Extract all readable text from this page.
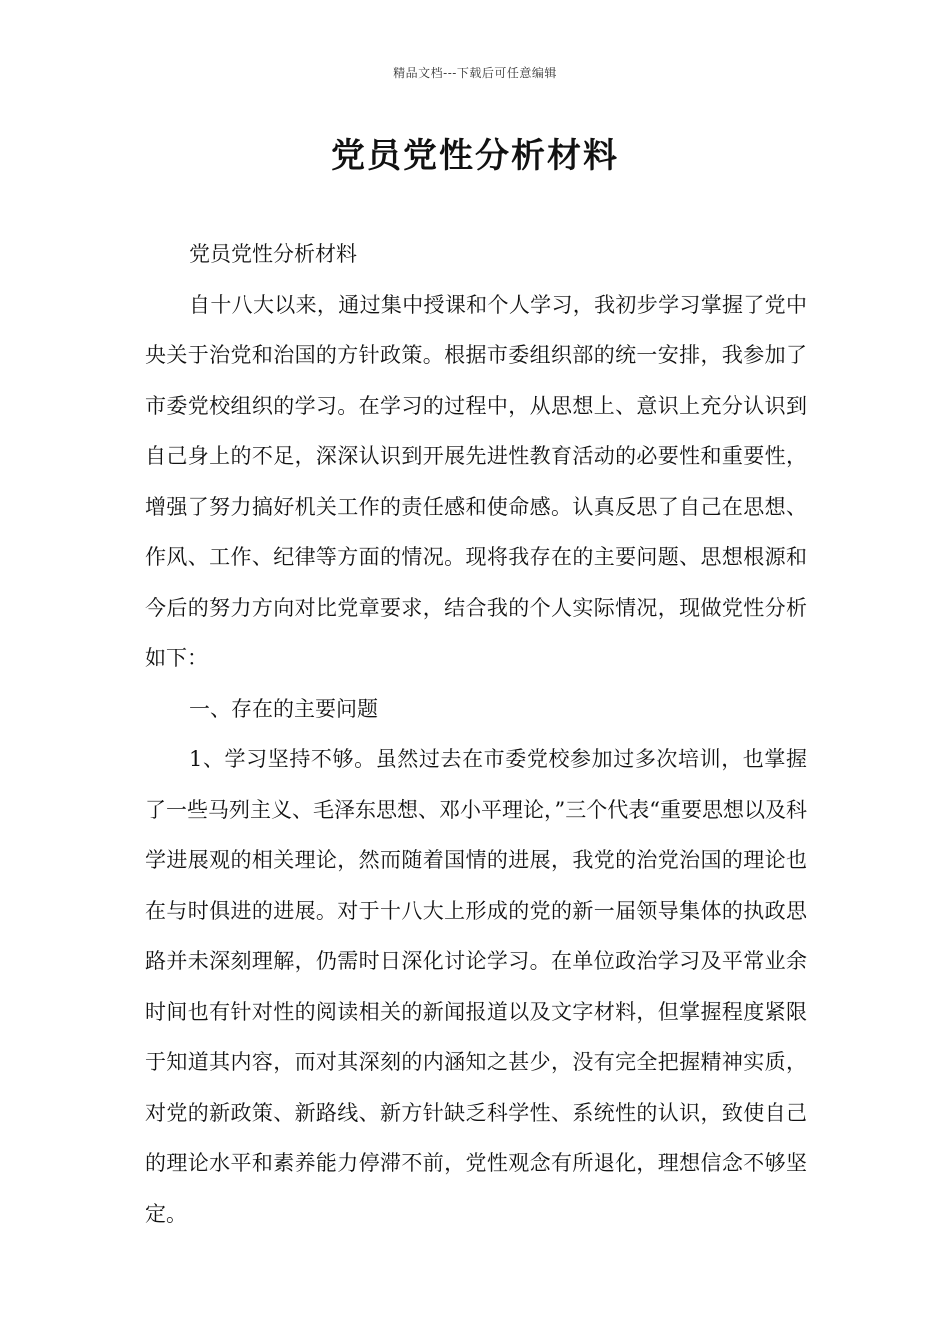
精品文档---下载后可任意编辑
党员党性分析材料

党员党性分析材料

自十八大以来，通过集中授课和个人学习，我初步学习掌握了党中央关于治党和治国的方针政策。根据市委组织部的统一安排，我参加了市委党校组织的学习。在学习的过程中，从思想上、意识上充分认识到自己身上的不足，深深认识到开展先进性教育活动的必要性和重要性，增强了努力搞好机关工作的责任感和使命感。认真反思了自己在思想、作风、工作、纪律等方面的情况。现将我存在的主要问题、思想根源和今后的努力方向对比党章要求，结合我的个人实际情况，现做党性分析如下：

一、存在的主要问题

1、学习坚持不够。虽然过去在市委党校参加过多次培训，也掌握了一些马列主义、毛泽东思想、邓小平理论，”三个代表“重要思想以及科学进展观的相关理论，然而随着国情的进展，我党的治党治国的理论也在与时俱进的进展。对于十八大上形成的党的新一届领导集体的执政思路并未深刻理解，仍需时日深化讨论学习。在单位政治学习及平常业余时间也有针对性的阅读相关的新闻报道以及文字材料，但掌握程度紧限于知道其内容，而对其深刻的内涵知之甚少，没有完全把握精神实质，对党的新政策、新路线、新方针缺乏科学性、系统性的认识，致使自己的理论水平和素养能力停滞不前，党性观念有所退化，理想信念不够坚定。
